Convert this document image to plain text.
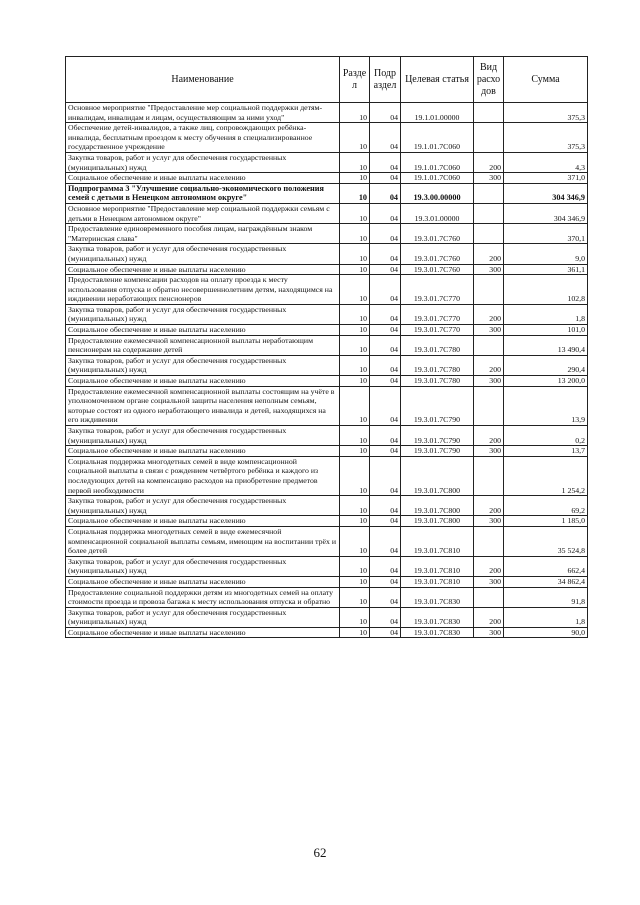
Наименование	Разде л	Подр аздел	Целевая статья	Вид расхо дов	Сумма
Основное мероприятие "Предоставление мер социальной поддержки детям-инвалидам, инвалидам и лицам, осуществляющим за ними уход"	10	04	19.1.01.00000		375,3
Обеспечение детей-инвалидов, а также лиц, сопровождающих ребёнка-инвалида, бесплатным проездом к месту обучения в специализированное государственное учреждение	10	04	19.1.01.7С060		375,3
Закупка товаров, работ и услуг для обеспечения государственных (муниципальных) нужд	10	04	19.1.01.7С060	200	4,3
Социальное обеспечение и иные выплаты населению	10	04	19.1.01.7С060	300	371,0
Подпрограмма 3 "Улучшение социально-экономического положения семей с детьми в Ненецком автономном округе"	10	04	19.3.00.00000		304 346,9
Основное мероприятие "Предоставление мер социальной поддержки семьям с детьми в Ненецком автономном округе"	10	04	19.3.01.00000		304 346,9
Предоставление единовременного пособия лицам, награждённым знаком "Материнская слава"	10	04	19.3.01.7С760		370,1
Закупка товаров, работ и услуг для обеспечения государственных (муниципальных) нужд	10	04	19.3.01.7С760	200	9,0
Социальное обеспечение и иные выплаты населению	10	04	19.3.01.7С760	300	361,1
Предоставление компенсации расходов на оплату проезда к месту использования отпуска и обратно несовершеннолетним детям, находящимся на иждивении неработающих пенсионеров	10	04	19.3.01.7С770		102,8
Закупка товаров, работ и услуг для обеспечения государственных (муниципальных) нужд	10	04	19.3.01.7С770	200	1,8
Социальное обеспечение и иные выплаты населению	10	04	19.3.01.7С770	300	101,0
Предоставление ежемесячной компенсационной выплаты неработающим пенсионерам на содержание детей	10	04	19.3.01.7С780		13 490,4
Закупка товаров, работ и услуг для обеспечения государственных (муниципальных) нужд	10	04	19.3.01.7С780	200	290,4
Социальное обеспечение и иные выплаты населению	10	04	19.3.01.7С780	300	13 200,0
Предоставление ежемесячной компенсационной выплаты состоящим на учёте в уполномоченном органе социальной защиты населения неполным семьям, которые состоят из одного неработающего инвалида и детей, находящихся на его иждивении	10	04	19.3.01.7С790		13,9
Закупка товаров, работ и услуг для обеспечения государственных (муниципальных) нужд	10	04	19.3.01.7С790	200	0,2
Социальное обеспечение и иные выплаты населению	10	04	19.3.01.7С790	300	13,7
Социальная поддержка многодетных семей в виде компенсационной социальной выплаты в связи с рождением четвёртого ребёнка и каждого из последующих детей на компенсацию расходов на приобретение предметов первой необходимости	10	04	19.3.01.7С800		1 254,2
Закупка товаров, работ и услуг для обеспечения государственных (муниципальных) нужд	10	04	19.3.01.7С800	200	69,2
Социальное обеспечение и иные выплаты населению	10	04	19.3.01.7С800	300	1 185,0
Социальная поддержка многодетных семей в виде ежемесячной компенсационной социальной выплаты семьям, имеющим на воспитании трёх и более детей	10	04	19.3.01.7С810		35 524,8
Закупка товаров, работ и услуг для обеспечения государственных (муниципальных) нужд	10	04	19.3.01.7С810	200	662,4
Социальное обеспечение и иные выплаты населению	10	04	19.3.01.7С810	300	34 862,4
Предоставление социальной поддержки детям из многодетных семей на оплату стоимости проезда и провоза багажа к месту использования отпуска и обратно	10	04	19.3.01.7С830		91,8
Закупка товаров, работ и услуг для обеспечения государственных (муниципальных) нужд	10	04	19.3.01.7С830	200	1,8
Социальное обеспечение и иные выплаты населению	10	04	19.3.01.7С830	300	90,0
62
